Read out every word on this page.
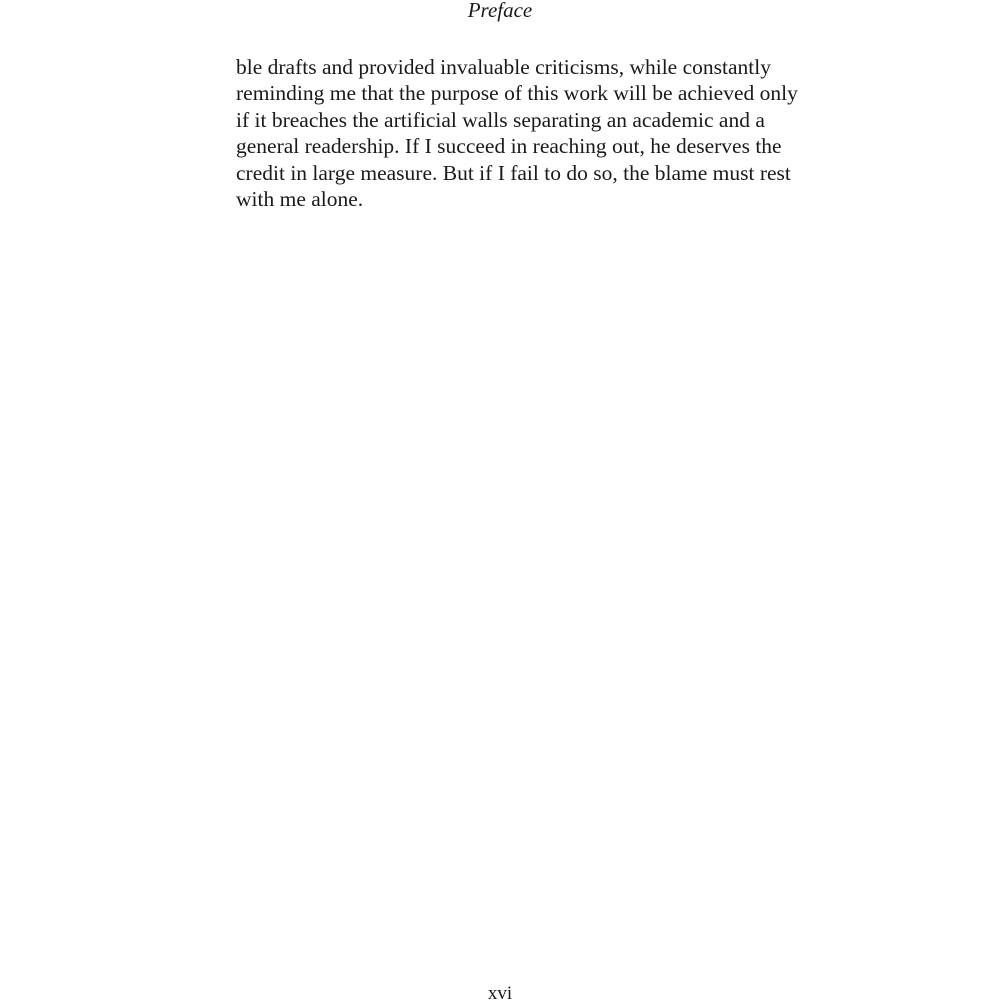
Preface

ble drafts and provided invaluable criticisms, while constantly
reminding me that the purpose of this work will be achieved only
if it breaches the artificial walls separating an academic and a
general readership. If I succeed in reaching out, he deserves the
credit in large measure. But if I fail to do so, the blame must rest
with me alone.

xvi
